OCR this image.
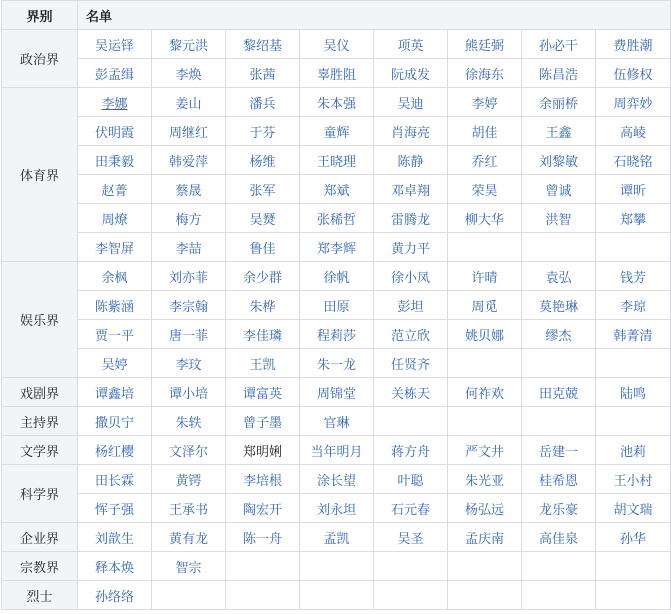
界别	名单							
政治界	吴运铎	黎元洪	黎绍基	吴仪	项英	熊廷弼	孙必干	费胜潮
	彭孟缉	李焕	张茜	辜胜阻	阮成发	徐海东	陈昌浩	伍修权
体育界	李娜	姜山	潘兵	朱本强	吴迪	李婷	余丽桥	周弈妙
	伏明霞	周继红	于芬	童辉	肖海亮	胡佳	王鑫	高崚
	田秉毅	韩爱萍	杨维	王晓理	陈静	乔红	刘黎敏	石晓铭
	赵菁	蔡晟	张军	郑斌	邓卓翔	荣昊	曾诚	谭昕
	周燎	梅方	吴燹	张稀哲	雷腾龙	柳大华	洪智	郑攀
	李智屏	李喆	鲁佳	郑李辉	黄力平			
娱乐界	余枫	刘亦菲	余少群	徐帆	徐小凤	许晴	袁弘	钱芳
	陈紫涵	李宗翰	朱桦	田原	彭坦	周觅	莫艳琳	李琼
	贾一平	唐一菲	李佳璘	程莉莎	范立欣	姚贝娜	缪杰	韩菁清
	吴婷	李玟	王凯	朱一龙	任贤齐			
戏剧界	谭鑫培	谭小培	谭富英	周锦堂	关栋天	何祚欢	田克兢	陆鸣
主持界	撒贝宁	朱轶	曾子墨	官琳				
文学界	杨红樱	文泽尔	郑明娳	当年明月	蒋方舟	严文井	岳建一	池莉
科学界	田长霖	黄锷	李培根	涂长望	叶聪	朱光亚	桂希恩	王小村
	恽子强	王承书	陶宏开	刘永坦	石元春	杨弘远	龙乐豪	胡文瑞
企业界	刘歆生	黄有龙	陈一舟	孟凯	吴圣	孟庆南	高佳泉	孙华
宗教界	释本焕	智宗						
烈士	孙络络							
